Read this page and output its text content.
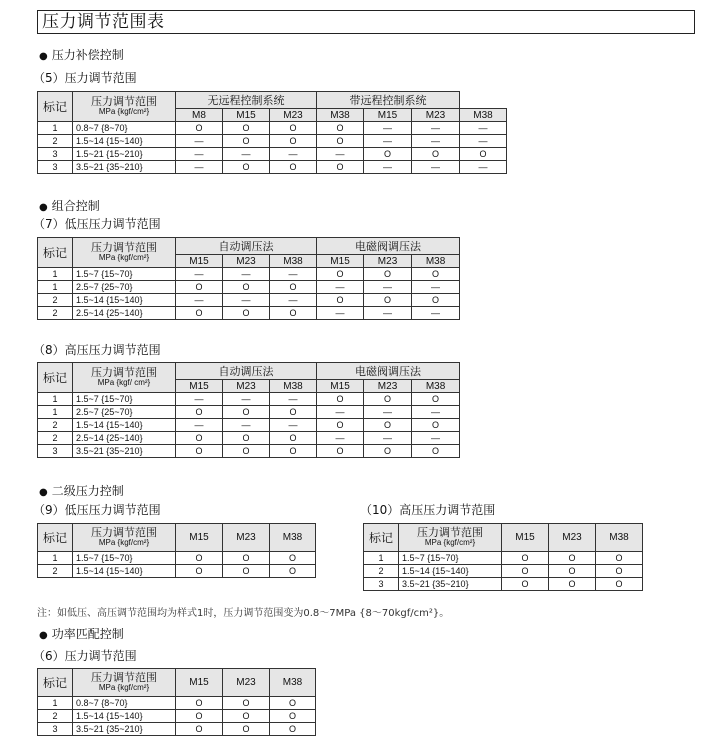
压力调节范围表
● 压力补偿控制
（5）压力调节范围
标记	压力调节范围
MPa {kgf/cm²}	无远程控制系统			带远程控制系统			
		M8	M15	M23	M38	M15	M23	M38
1	0.8~7 {8~70}	O	O	O	O	—	—	—
2	1.5~14 {15~140}	—	O	O	O	—	—	—
3	1.5~21 {15~210}	—	—	—	—	O	O	O
3	3.5~21 {35~210}	—	O	O	O	—	—	—
● 组合控制
（7）低压压力调节范围
标记	压力调节范围
MPa {kgf/cm²}	自动调压法			电磁阀调压法		
		M15	M23	M38	M15	M23	M38
1	1.5~7 {15~70}	—	—	—	O	O	O
1	2.5~7 {25~70}	O	O	O	—	—	—
2	1.5~14 {15~140}	—	—	—	O	O	O
2	2.5~14 {25~140}	O	O	O	—	—	—
（8）高压压力调节范围
标记	压力调节范围
MPa {kgf/ cm²}	自动调压法			电磁阀调压法		
		M15	M23	M38	M15	M23	M38
1	1.5~7 {15~70}	—	—	—	O	O	O
1	2.5~7 {25~70}	O	O	O	—	—	—
2	1.5~14 {15~140}	—	—	—	O	O	O
2	2.5~14 {25~140}	O	O	O	—	—	—
3	3.5~21 {35~210}	O	O	O	O	O	O
● 二级压力控制
（9）低压压力调节范围	（10）高压压力调节范围
标记	压力调节范围
MPa {kgf/cm²}	M15	M23	M38
1	1.5~7 {15~70}	O	O	O
2	1.5~14 {15~140}	O	O	O
标记	压力调节范围
MPa {kgf/cm²}	M15	M23	M38
1	1.5~7 {15~70}	O	O	O
2	1.5~14 {15~140}	O	O	O
3	3.5~21 {35~210}	O	O	O
注：如低压、高压调节范围均为样式1时，压力调节范围变为0.8～7MPa {8～70kgf/cm²}。
● 功率匹配控制
（6）压力调节范围
标记	压力调节范围
MPa {kgf/cm²}	M15	M23	M38
1	0.8~7 {8~70}	O	O	O
2	1.5~14 {15~140}	O	O	O
3	3.5~21 {35~210}	O	O	O
